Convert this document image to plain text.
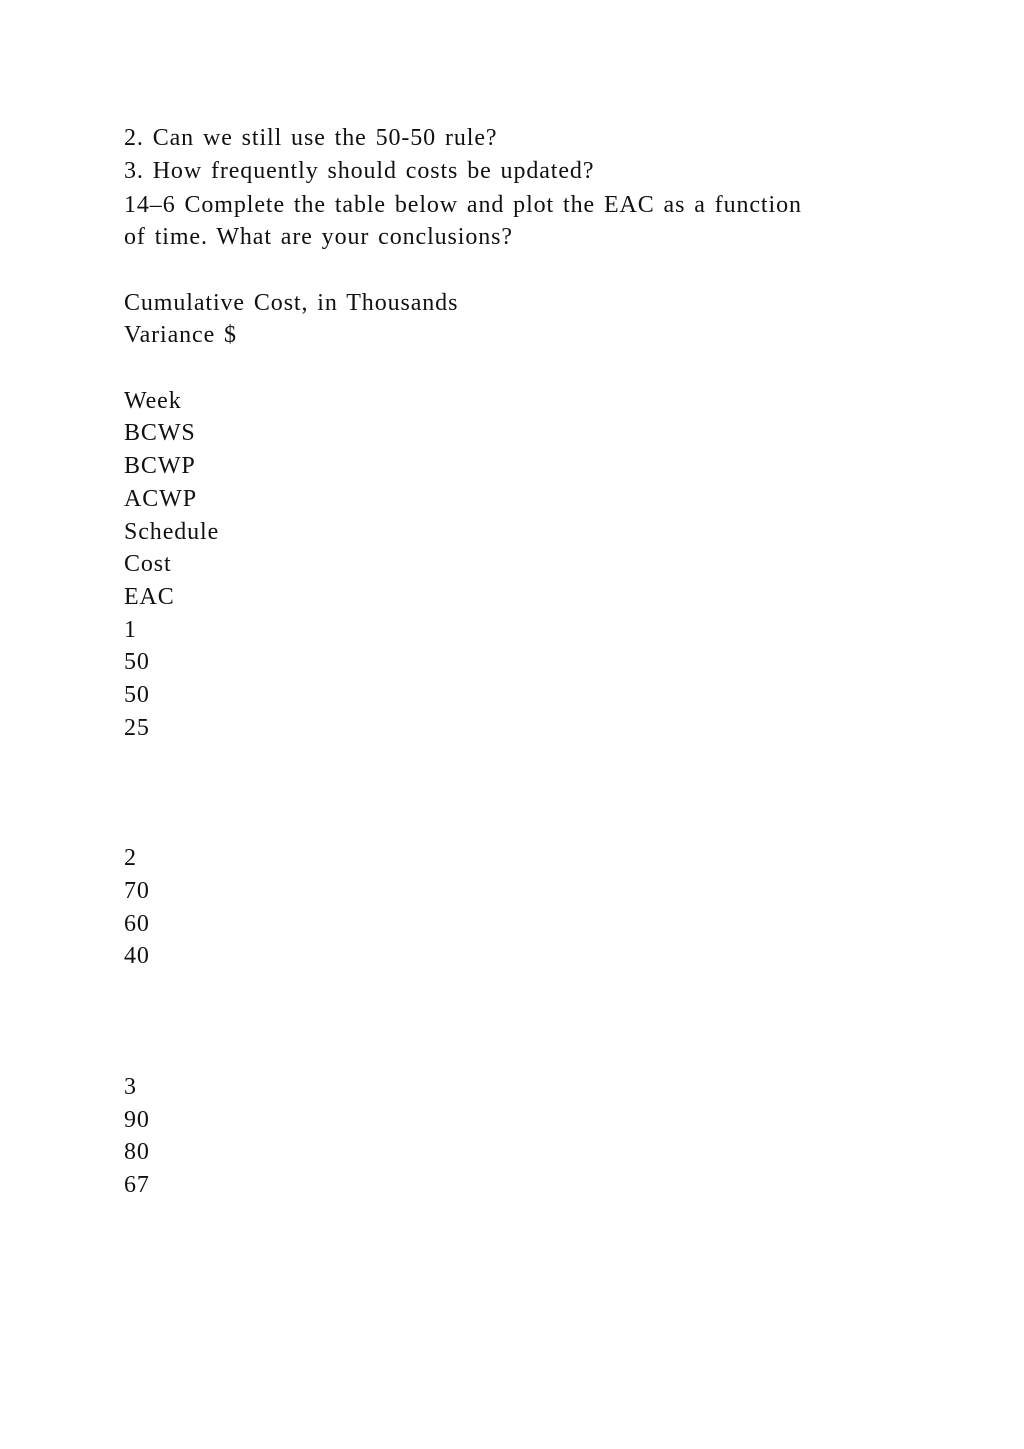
2. Can we still use the 50-50 rule?
3. How frequently should costs be updated?
14–6 Complete the table below and plot the EAC as a function
of time. What are your conclusions?
Cumulative Cost, in Thousands
Variance $
Week
BCWS
BCWP
ACWP
Schedule
Cost
EAC
1
50
50
25
2
70
60
40
3
90
80
67
